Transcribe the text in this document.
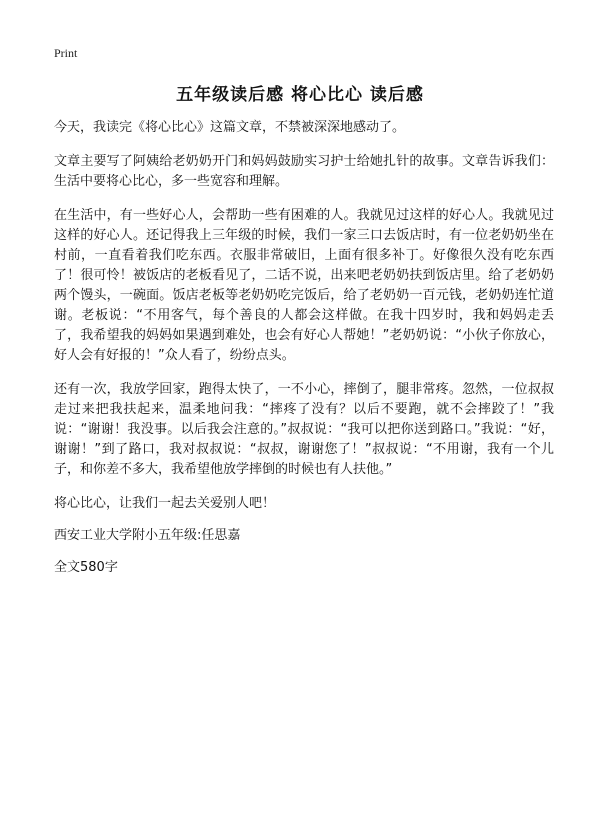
Print
五年级读后感 将心比心 读后感

今天，我读完《将心比心》这篇文章，不禁被深深地感动了。

文章主要写了阿姨给老奶奶开门和妈妈鼓励实习护士给她扎针的故事。文章告诉我们：生活中要将心比心，多一些宽容和理解。

在生活中，有一些好心人，会帮助一些有困难的人。我就见过这样的好心人。我就见过这样的好心人。还记得我上三年级的时候，我们一家三口去饭店时，有一位老奶奶坐在村前，一直看着我们吃东西。衣服非常破旧，上面有很多补丁。好像很久没有吃东西了！很可怜！被饭店的老板看见了，二话不说，出来吧老奶奶扶到饭店里。给了老奶奶两个馒头，一碗面。饭店老板等老奶奶吃完饭后，给了老奶奶一百元钱，老奶奶连忙道谢。老板说：“不用客气，每个善良的人都会这样做。在我十四岁时，我和妈妈走丢了，我希望我的妈妈如果遇到难处，也会有好心人帮她！”老奶奶说：“小伙子你放心，好人会有好报的！”众人看了，纷纷点头。

还有一次，我放学回家，跑得太快了，一不小心，摔倒了，腿非常疼。忽然，一位叔叔走过来把我扶起来，温柔地问我：“摔疼了没有？以后不要跑，就不会摔跤了！”我说：“谢谢！我没事。以后我会注意的。”叔叔说：“我可以把你送到路口。”我说：“好，谢谢！”到了路口，我对叔叔说：“叔叔，谢谢您了！”叔叔说：“不用谢，我有一个儿子，和你差不多大，我希望他放学摔倒的时候也有人扶他。”

将心比心，让我们一起去关爱别人吧！

西安工业大学附小五年级:任思嘉

全文580字
